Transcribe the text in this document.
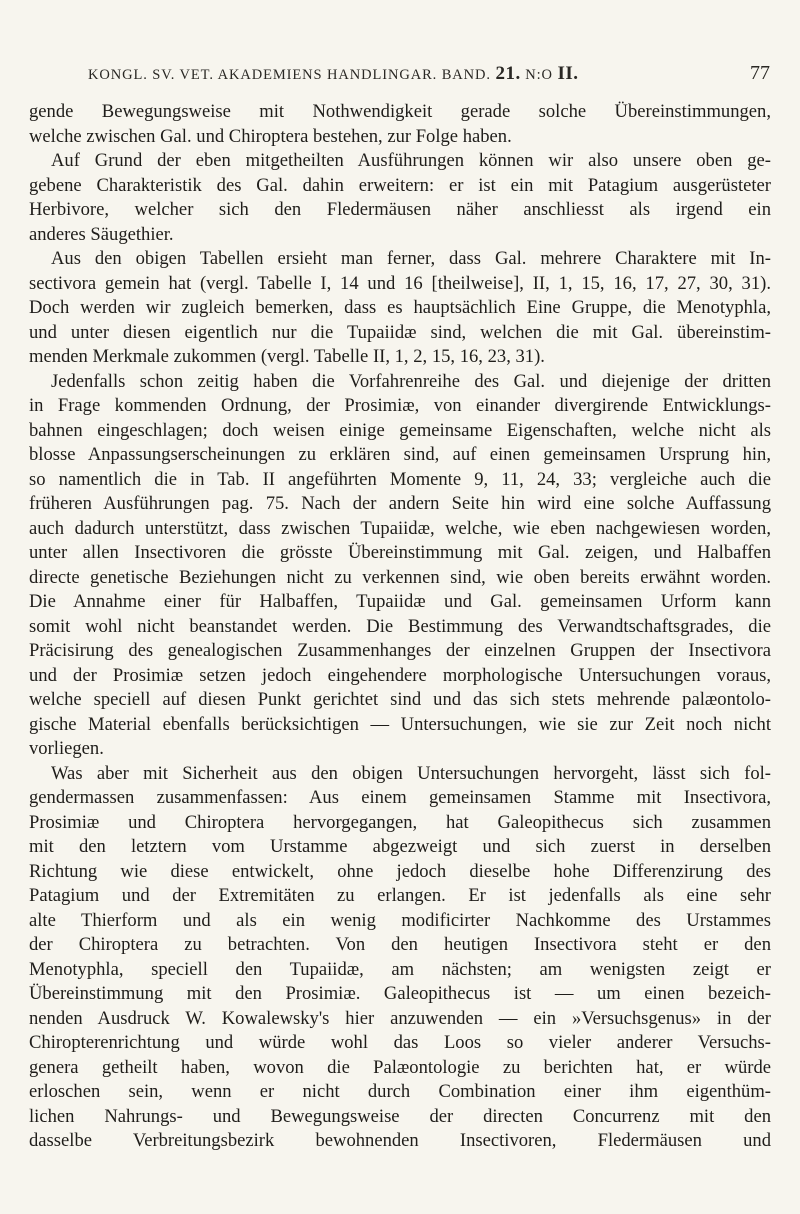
KONGL. SV. VET. AKADEMIENS HANDLINGAR. BAND. 21. N:O II.	77
gende Bewegungsweise mit Nothwendigkeit gerade solche Übereinstimmungen,
welche zwischen Gal. und Chiroptera bestehen, zur Folge haben.
Auf Grund der eben mitgetheilten Ausführungen können wir also unsere oben ge-
gebene Charakteristik des Gal. dahin erweitern: er ist ein mit Patagium ausgerüsteter
Herbivore, welcher sich den Fledermäusen näher anschliesst als irgend ein
anderes Säugethier.
Aus den obigen Tabellen ersieht man ferner, dass Gal. mehrere Charaktere mit In-
sectivora gemein hat (vergl. Tabelle I, 14 und 16 [theilweise], II, 1, 15, 16, 17, 27, 30, 31).
Doch werden wir zugleich bemerken, dass es hauptsächlich Eine Gruppe, die Menotyphla,
und unter diesen eigentlich nur die Tupaiidæ sind, welchen die mit Gal. übereinstim-
menden Merkmale zukommen (vergl. Tabelle II, 1, 2, 15, 16, 23, 31).
Jedenfalls schon zeitig haben die Vorfahrenreihe des Gal. und diejenige der dritten
in Frage kommenden Ordnung, der Prosimiæ, von einander divergirende Entwicklungs-
bahnen eingeschlagen; doch weisen einige gemeinsame Eigenschaften, welche nicht als
blosse Anpassungserscheinungen zu erklären sind, auf einen gemeinsamen Ursprung hin,
so namentlich die in Tab. II angeführten Momente 9, 11, 24, 33; vergleiche auch die
früheren Ausführungen pag. 75. Nach der andern Seite hin wird eine solche Auffassung
auch dadurch unterstützt, dass zwischen Tupaiidæ, welche, wie eben nachgewiesen worden,
unter allen Insectivoren die grösste Übereinstimmung mit Gal. zeigen, und Halbaffen
directe genetische Beziehungen nicht zu verkennen sind, wie oben bereits erwähnt worden.
Die Annahme einer für Halbaffen, Tupaiidæ und Gal. gemeinsamen Urform kann
somit wohl nicht beanstandet werden. Die Bestimmung des Verwandtschaftsgrades, die
Präcisirung des genealogischen Zusammenhanges der einzelnen Gruppen der Insectivora
und der Prosimiæ setzen jedoch eingehendere morphologische Untersuchungen voraus,
welche speciell auf diesen Punkt gerichtet sind und das sich stets mehrende palæontolo-
gische Material ebenfalls berücksichtigen — Untersuchungen, wie sie zur Zeit noch nicht
vorliegen.
Was aber mit Sicherheit aus den obigen Untersuchungen hervorgeht, lässt sich fol-
gendermassen zusammenfassen: Aus einem gemeinsamen Stamme mit Insectivora,
Prosimiæ und Chiroptera hervorgegangen, hat Galeopithecus sich zusammen
mit den letztern vom Urstamme abgezweigt und sich zuerst in derselben
Richtung wie diese entwickelt, ohne jedoch dieselbe hohe Differenzirung des
Patagium und der Extremitäten zu erlangen. Er ist jedenfalls als eine sehr
alte Thierform und als ein wenig modificirter Nachkomme des Urstammes
der Chiroptera zu betrachten. Von den heutigen Insectivora steht er den
Menotyphla, speciell den Tupaiidæ, am nächsten; am wenigsten zeigt er
Übereinstimmung mit den Prosimiæ. Galeopithecus ist — um einen bezeich-
nenden Ausdruck W. Kowalewsky's hier anzuwenden — ein »Versuchsgenus» in der
Chiropterenrichtung und würde wohl das Loos so vieler anderer Versuchs-
genera getheilt haben, wovon die Palæontologie zu berichten hat, er würde
erloschen sein, wenn er nicht durch Combination einer ihm eigenthüm-
lichen Nahrungs- und Bewegungsweise der directen Concurrenz mit den
dasselbe Verbreitungsbezirk bewohnenden Insectivoren, Fledermäusen und
